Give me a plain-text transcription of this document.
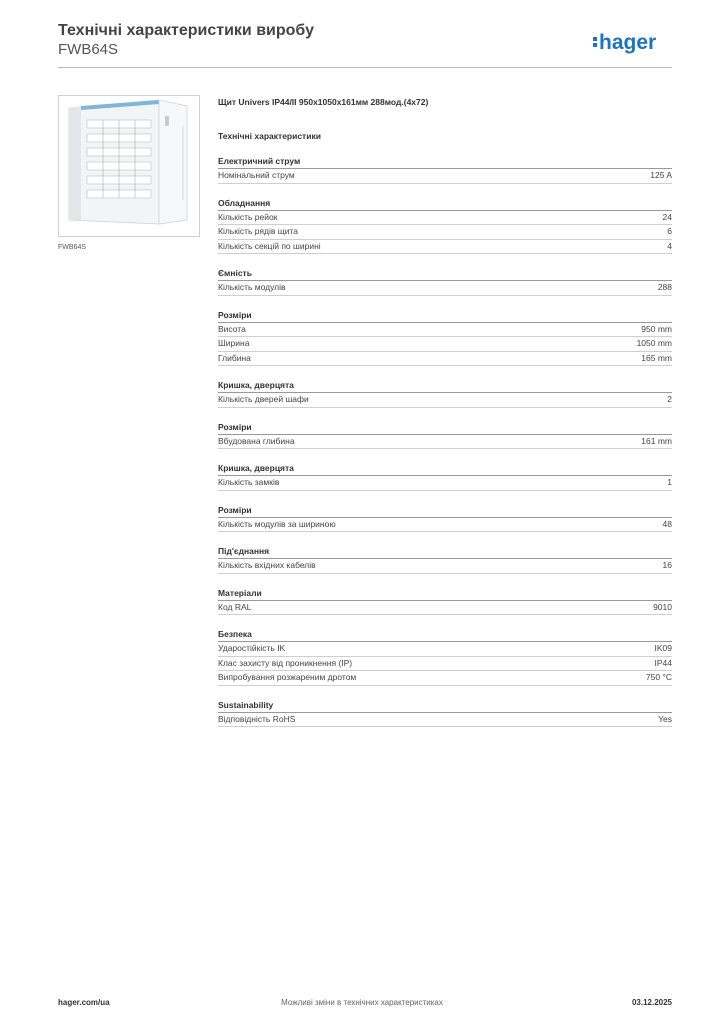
Технічні характеристики виробу
FWB64S	hager
FWB64S
Щит Univers IP44/II 950x1050x161мм 288мод.(4x72)
Технічні характеристики
Електричний струм
Номінальний струм	125 A
Обладнання
Кількість рейок	24
Кількість рядів щита	6
Кількість секцій по ширині	4
Ємність
Кількість модулів	288
Розміри
Висота	950 mm
Ширина	1050 mm
Глибина	165 mm
Кришка, дверцята
Кількість дверей шафи	2
Розміри
Вбудована глибина	161 mm
Кришка, дверцята
Кількість замків	1
Розміри
Кількість модулів за шириною	48
Під'єднання
Кількість вхідних кабелів	16
Матеріали
Код RAL	9010
Безпека
Ударостійкість IK	IK09
Клас захисту від проникнення (IP)	IP44
Випробування розжареним дротом	750 °C
Sustainability
Відповідність RoHS	Yes
hager.com/ua	Можливі зміни в технічних характеристиках	03.12.2025
